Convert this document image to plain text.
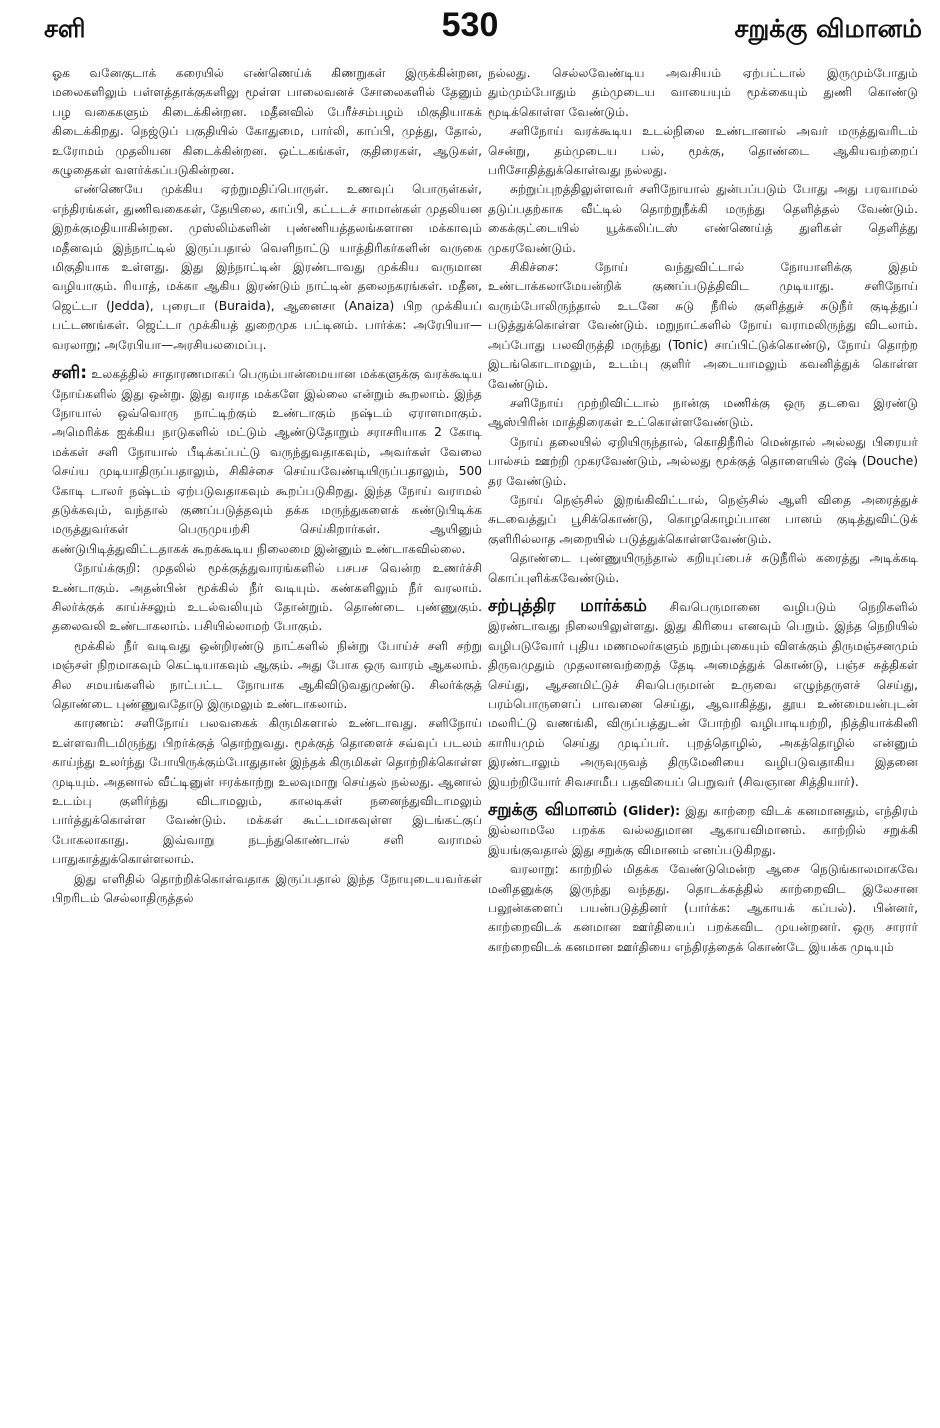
சளி	530	சறுக்கு விமானம்

ஓக வனேகுடாக் கரையில் எண்ணெய்க் கிணறுகள் இருக்கின்றன, மலைகளிலும் பள்ளத்தாக்குகளிலு மூள்ள பாலைவனச் சோலைகளில் தேனும் பழ வகைகளும் கிடைக்கின்றன. மதீனவில் பேரீச்சம்பழம் மிகுதியாகக் கிடைக்கிறது. நெஜ்டுப் பகுதியில் கோதுமை, பார்லி, காப்பி, முத்து, தோல், உரோமம் முதலியன கிடைக்கின்றன. ஒட்டகங்கள், குதிரைகள், ஆடுகள், கழுதைகள் வளர்க்கப்படுகின்றன.

எண்ணெயே முக்கிய ஏற்றுமதிப்பொருள். உணவுப் பொருள்கள், எந்திரங்கள், துணிவகைகள், தேயிலை, காப்பி, கட்டடச் சாமான்கள் முதலியன இறக்குமதியாகின்றன. முஸ்லிம்களின் புண்ணியத்தலங்களான மக்காவும் மதீனவும் இந்நாட்டில் இருப்பதால் வெளிநாட்டு யாத்திரிகர்களின் வருகை மிகுதியாக உள்ளது. இது இந்நாட்டின் இரண்டாவது முக்கிய வருமான வழியாகும். ரியாத், மக்கா ஆகிய இரண்டும் நாட்டின் தலைநகரங்கள். மதீன, ஜெட்டா (Jedda), புரைடா (Buraida), ஆனைசா (Anaiza) பிற முக்கியப் பட்டணங்கள். ஜெட்டா முக்கியத் துறைமுக பட்டினம். பார்க்க: அரேபியா—வரலாறு; அரேபியா—அரசியலமைப்பு.

சளி: உலகத்தில் சாதாரணமாகப் பெரும்பான்மையான மக்களுக்கு வரக்கூடிய நோய்களில் இது ஒன்று. இது வராத மக்களே இல்லை என்றும் கூறலாம். இந்த நோயால் ஒவ்வொரு நாட்டிற்கும் உண்டாகும் நஷ்டம் ஏராளமாகும். அமெரிக்க ஐக்கிய நாடுகளில் மட்டும் ஆண்டுதோறும் சராசரியாக 2 கோடி மக்கள் சளி நோயால் பீடிக்கப்பட்டு வருந்துவதாகவும், அவர்கள் வேலை செய்ய முடியாதிருப்பதாலும், சிகிச்சை செய்யவேண்டியிருப்பதாலும், 500 கோடி டாலர் நஷ்டம் ஏற்படுவதாகவும் கூறப்படுகிறது. இந்த நோய் வராமல் தடுக்கவும், வந்தால் குணப்படுத்தவும் தக்க மருந்துகளைக் கண்டுபிடிக்க மருத்துவர்கள் பெருமுயற்சி செய்கிறார்கள். ஆயினும் கண்டுபிடித்துவிட்டதாகக் கூறக்கூடிய நிலைமை இன்னும் உண்டாகவில்லை.

நோய்க்குறி: முதலில் மூக்குத்துவாரங்களில் பசபச வென்ற உணர்ச்சி உண்டாகும். அதன்பின் மூக்கில் நீர் வடியும். கண்களிலும் நீர் வரலாம். சிலர்க்குக் காய்ச்சலும் உடல்வலியும் தோன்றும். தொண்டை புண்ணுகும். தலைவலி உண்டாகலாம். பசியில்லாமற் போகும்.

மூக்கில் நீர் வடிவது ஒன்றிரண்டு நாட்களில் நின்று போய்ச் சளி சற்று மஞ்சள் நிறமாகவும் கெட்டியாகவும் ஆகும். அது போக ஒரு வாரம் ஆகலாம். சில சமயங்களில் நாட்பட்ட நோயாக ஆகிவிடுவதுமுண்டு. சிலர்க்குத் தொண்டை புண்ணுவதோடு இருமலும் உண்டாகலாம்.

காரணம்: சளிநோய் பலவகைக் கிருமிகளால் உண்டாவது. சளிநோய் உள்ளவரிடமிருந்து பிறர்க்குத் தொற்றுவது. மூக்குத் தொளைச் சவ்வுப் படலம் காய்ந்து உலர்ந்து போயிருக்கும்போதுதான் இந்தக் கிருமிகள் தொற்றிக்கொள்ள முடியும். அதனால் வீட்டினுள் ஈரக்காற்று உலவுமாறு செய்தல் நல்லது. ஆனால் உடம்பு குளிர்ந்து விடாமலும், காலடிகள் நனைந்துவிடாமலும் பார்த்துக்கொள்ள வேண்டும். மக்கள் கூட்டமாகவுள்ள இடங்கட்குப் போகலாகாது. இவ்வாறு நடந்துகொண்டால் சளி வராமல் பாதுகாத்துக்கொள்ளலாம்.

இது எளிதில் தொற்றிக்கொள்வதாக இருப்பதால் இந்த நோயுடையவர்கள் பிறரிடம் செல்லாதிருத்தல்

நல்லது. செல்லவேண்டிய அவசியம் ஏற்பட்டால் இருமும்போதும் தும்மும்போதும் தம்முடைய வாயையும் மூக்கையும் துணி கொண்டு மூடிக்கொள்ள வேண்டும்.

சளிநோய் வரக்கூடிய உடல்நிலை உண்டானால் அவர் மருத்துவரிடம் சென்று, தம்முடைய பல், மூக்கு, தொண்டை ஆகியவற்றைப் பரிசோதித்துக்கொள்வது நல்லது.

சுற்றுப்புறத்திலுள்ளவர் சளிநோயால் துன்பப்படும் போது அது பரவாமல் தடுப்பதற்காக வீட்டில் தொற்றுநீக்கி மருந்து தெளித்தல் வேண்டும். கைக்குட்டையில் யூக்கலிப்டஸ் எண்ணெய்த் துளிகள் தெளித்து முகரவேண்டும்.

சிகிச்சை: நோய் வந்துவிட்டால் நோயாளிக்கு இதம் உண்டாக்கலாமேயன்றிக் குணப்படுத்திவிட முடியாது. சளிநோய் வரும்போலிருந்தால் உடனே சுடு நீரில் குளித்துச் சுடுநீர் குடித்துப் படுத்துக்கொள்ள வேண்டும். மறுநாட்களில் நோய் வராமலிருந்து விடலாம். அப்போது பலவிருத்தி மருந்து (Tonic) சாப்பிட்டுக்கொண்டு, நோய் தொற்ற இடங்கொடாமலும், உடம்பு குளிர் அடையாமலும் கவனித்துக் கொள்ள வேண்டும்.

சளிநோய் முற்றிவிட்டால் நான்கு மணிக்கு ஒரு தடவை இரண்டு ஆஸ்பிரின் மாத்திரைகள் உட்கொள்ளவேண்டும்.

நோய் தலையில் ஏறியிருந்தால், கொதிநீரில் மென்தால் அல்லது பிரையர் பால்சம் ஊற்றி முகரவேண்டும், அல்லது மூக்குத் தொளையில் டூஷ் (Douche) தர வேண்டும்.

நோய் நெஞ்சில் இறங்கிவிட்டால், நெஞ்சில் ஆளி விதை அரைத்துச் சுடவைத்துப் பூசிக்கொண்டு, கொழகொழப்பான பானம் குடித்துவிட்டுக் குளிரில்லாத அறையில் படுத்துக்கொள்ளவேண்டும்.

தொண்டை புண்ணுயிருந்தால் கறியுப்பைச் சுடுநீரில் கரைத்து அடிக்கடி கொப்புளிக்கவேண்டும்.

சற்புத்திர மார்க்கம் சிவபெருமானை வழிபடும் நெறிகளில் இரண்டாவது நிலையிலுள்ளது. இது கிரியை எனவும் பெறும். இந்த நெறியில் வழிபடுவோர் புதிய மணமலர்களும் நறும்புகையும் விளக்கும் திருமஞ்சனமும் திருவமுதும் முதலானவற்றைத் தேடி அமைத்துக் கொண்டு, பஞ்ச சுத்திகள் செய்து, ஆசனமிட்டுச் சிவபெருமான் உருவை எழுந்தருளச் செய்து, பரம்பொருளைப் பாவனை செய்து, ஆவாகித்து, தூய உண்மையன்புடன் மலரிட்டு வணங்கி, விருப்பத்துடன் போற்றி வழிபாடியற்றி, நித்தியாக்கினி காரியமும் செய்து முடிப்பர். புறத்தொழில், அகத்தொழில் என்னும் இரண்டாலும் அருவுருவத் திருமேனியை வழிபடுவதாகிய இதனை இயற்றியோர் சிவசாமீப பதவியைப் பெறுவர் (சிவஞான சித்தியார்).

சறுக்கு விமானம் (Glider): இது காற்றை விடக் கனமானதும், எந்திரம் இல்லாமலே பறக்க வல்லதுமான ஆகாயவிமானம். காற்றில் சறுக்கி இயங்குவதால் இது சறுக்கு விமானம் எனப்படுகிறது.

வரலாறு: காற்றில் மிதக்க வேண்டுமென்ற ஆசை நெடுங்காலமாகவே மனிதனுக்கு இருந்து வந்தது. தொடக்கத்தில் காற்றைவிட இலேசான பலூன்களைப் பயன்படுத்தினர் (பார்க்க: ஆகாயக் கப்பல்). பின்னர், காற்றைவிடக் கனமான ஊர்தியைப் பறக்கவிட முயன்றனர். ஒரு சாரார் காற்றைவிடக் கனமான ஊர்தியை எந்திரத்தைக் கொண்டே இயக்க முடியும்
